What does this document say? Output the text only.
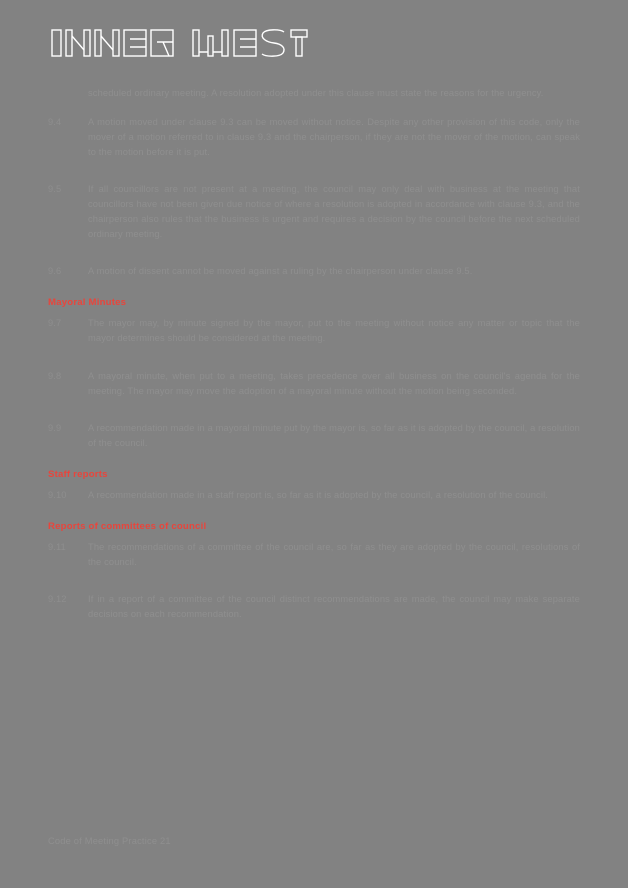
scheduled ordinary meeting. A resolution adopted under this clause must state the reasons for the urgency.
9.4	A motion moved under clause 9.3 can be moved without notice. Despite any other provision of this code, only the mover of a motion referred to in clause 9.3 and the chairperson, if they are not the mover of the motion, can speak to the motion before it is put.
9.5	If all councillors are not present at a meeting, the council may only deal with business at the meeting that councillors have not been given due notice of where a resolution is adopted in accordance with clause 9.3, and the chairperson also rules that the business is urgent and requires a decision by the council before the next scheduled ordinary meeting.
9.6	A motion of dissent cannot be moved against a ruling by the chairperson under clause 9.5.
Mayoral Minutes
9.7	The mayor may, by minute signed by the mayor, put to the meeting without notice any matter or topic that the mayor determines should be considered at the meeting.
9.8	A mayoral minute, when put to a meeting, takes precedence over all business on the council's agenda for the meeting. The mayor may move the adoption of a mayoral minute without the motion being seconded.
9.9	A recommendation made in a mayoral minute put by the mayor is, so far as it is adopted by the council, a resolution of the council.
Staff reports
9.10	A recommendation made in a staff report is, so far as it is adopted by the council, a resolution of the council.
Reports of committees of council
9.11	The recommendations of a committee of the council are, so far as they are adopted by the council, resolutions of the council.
9.12	If in a report of a committee of the council distinct recommendations are made, the council may make separate decisions on each recommendation.
Code of Meeting Practice 21
